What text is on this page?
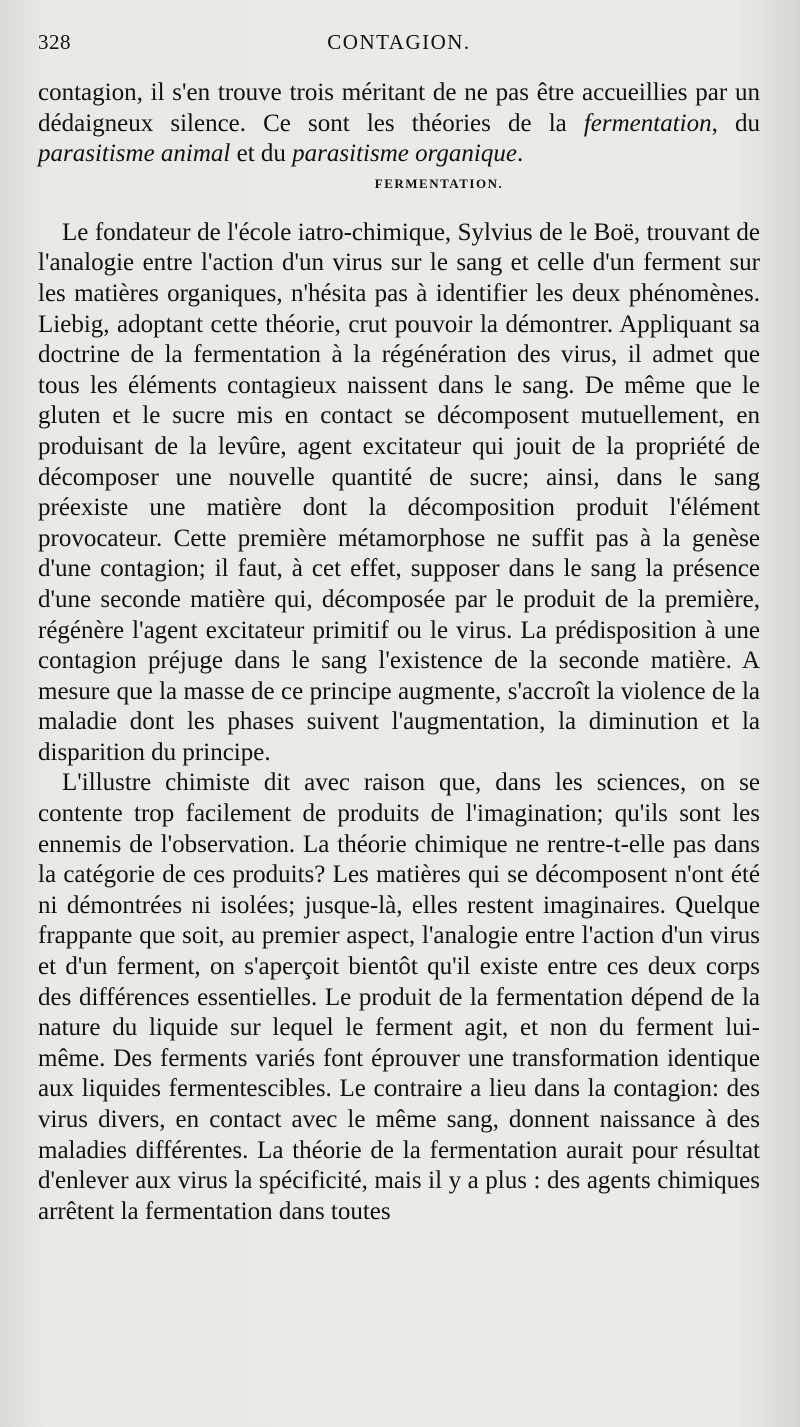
328	CONTAGION.

contagion, il s'en trouve trois méritant de ne pas être accueillies par un dédaigneux silence. Ce sont les théories de la fermentation, du parasitisme animal et du parasitisme organique.

FERMENTATION.

Le fondateur de l'école iatro-chimique, Sylvius de le Boë, trouvant de l'analogie entre l'action d'un virus sur le sang et celle d'un ferment sur les matières organiques, n'hésita pas à identifier les deux phénomènes. Liebig, adoptant cette théorie, crut pouvoir la démontrer. Appliquant sa doctrine de la fermentation à la régénération des virus, il admet que tous les éléments contagieux naissent dans le sang. De même que le gluten et le sucre mis en contact se décomposent mutuellement, en produisant de la levûre, agent excitateur qui jouit de la propriété de décomposer une nouvelle quantité de sucre; ainsi, dans le sang préexiste une matière dont la décomposition produit l'élément provocateur. Cette première métamorphose ne suffit pas à la genèse d'une contagion; il faut, à cet effet, supposer dans le sang la présence d'une seconde matière qui, décomposée par le produit de la première, régénère l'agent excitateur primitif ou le virus. La prédisposition à une contagion préjuge dans le sang l'existence de la seconde matière. A mesure que la masse de ce principe augmente, s'accroît la violence de la maladie dont les phases suivent l'augmentation, la diminution et la disparition du principe.

L'illustre chimiste dit avec raison que, dans les sciences, on se contente trop facilement de produits de l'imagination; qu'ils sont les ennemis de l'observation. La théorie chimique ne rentre-t-elle pas dans la catégorie de ces produits? Les matières qui se décomposent n'ont été ni démontrées ni isolées; jusque-là, elles restent imaginaires. Quelque frappante que soit, au premier aspect, l'analogie entre l'action d'un virus et d'un ferment, on s'aperçoit bientôt qu'il existe entre ces deux corps des différences essentielles. Le produit de la fermentation dépend de la nature du liquide sur lequel le ferment agit, et non du ferment lui-même. Des ferments variés font éprouver une transformation identique aux liquides fermentescibles. Le contraire a lieu dans la contagion: des virus divers, en contact avec le même sang, donnent naissance à des maladies différentes. La théorie de la fermentation aurait pour résultat d'enlever aux virus la spécificité, mais il y a plus : des agents chimiques arrêtent la fermentation dans toutes
